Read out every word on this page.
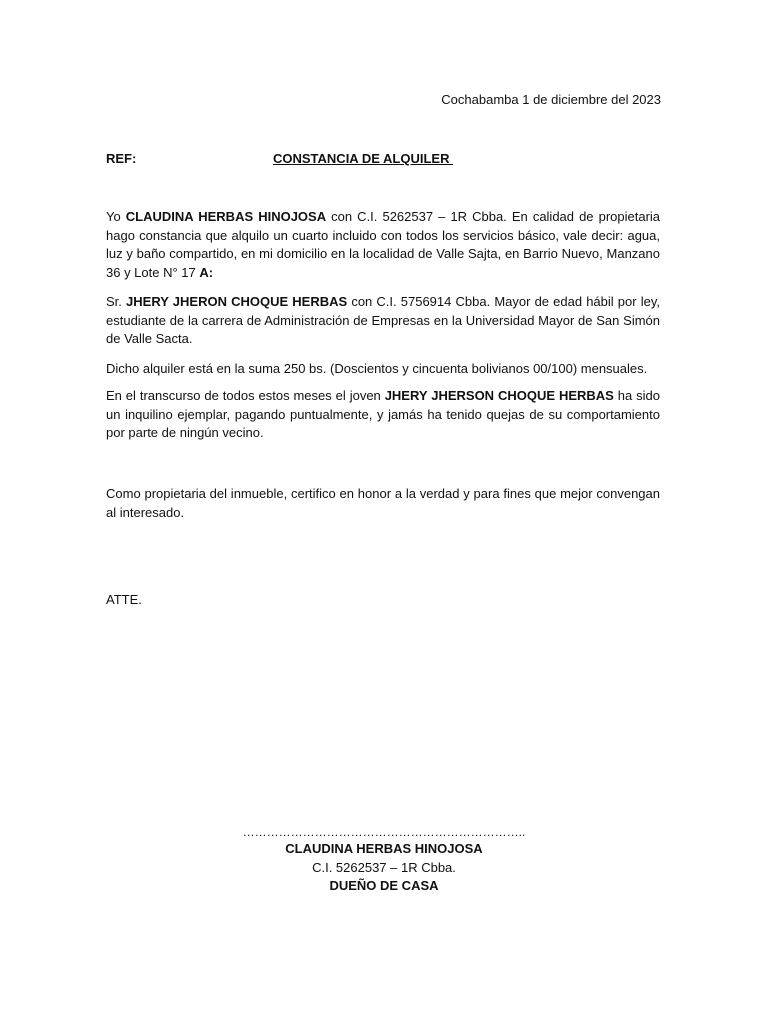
Cochabamba 1 de diciembre del 2023
REF:	CONSTANCIA DE ALQUILER

Yo CLAUDINA HERBAS HINOJOSA con C.I. 5262537 – 1R Cbba. En calidad de propietaria hago constancia que alquilo un cuarto incluido con todos los servicios básico, vale decir: agua, luz y baño compartido, en mi domicilio en la localidad de Valle Sajta, en Barrio Nuevo, Manzano 36 y Lote N° 17 A:

Sr. JHERY JHERON CHOQUE HERBAS con C.I. 5756914 Cbba. Mayor de edad hábil por ley, estudiante de la carrera de Administración de Empresas en la Universidad Mayor de San Simón de Valle Sacta.

Dicho alquiler está en la suma 250 bs. (Doscientos y cincuenta bolivianos 00/100) mensuales.

En el transcurso de todos estos meses el joven JHERY JHERSON CHOQUE HERBAS ha sido un inquilino ejemplar, pagando puntualmente, y jamás ha tenido quejas de su comportamiento por parte de ningún vecino.

Como propietaria del inmueble, certifico en honor a la verdad y para fines que mejor convengan al interesado.

ATTE.
……………………………………………………………..
CLAUDINA HERBAS HINOJOSA
C.I. 5262537 – 1R Cbba.
DUEÑO DE CASA
